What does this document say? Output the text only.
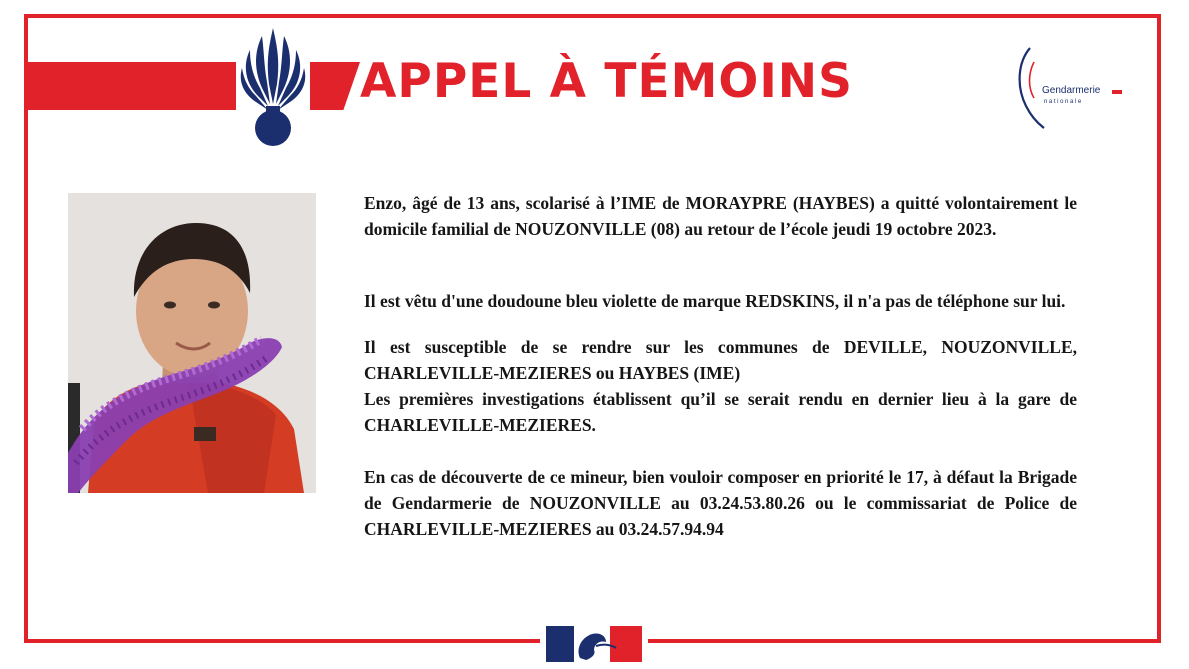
APPEL À TÉMOINS	Gendarmerie
nationale

Enzo, âgé de 13 ans, scolarisé à l’IME de MORAYPRE (HAYBES) a quitté volontairement le domicile familial de NOUZONVILLE (08) au retour de l’école jeudi 19 octobre 2023.

Il est vêtu d'une doudoune bleu violette de marque REDSKINS, il n'a pas de téléphone sur lui.

Il est susceptible de se rendre sur les communes de DEVILLE, NOUZONVILLE, CHARLEVILLE-MEZIERES ou HAYBES (IME)

Les premières investigations établissent qu’il se serait rendu en dernier lieu à la gare de CHARLEVILLE-MEZIERES.

En cas de découverte de ce mineur, bien vouloir composer en priorité le 17, à défaut la Brigade de Gendarmerie de NOUZONVILLE au 03.24.53.80.26 ou le commissariat de Police de CHARLEVILLE-MEZIERES au 03.24.57.94.94
